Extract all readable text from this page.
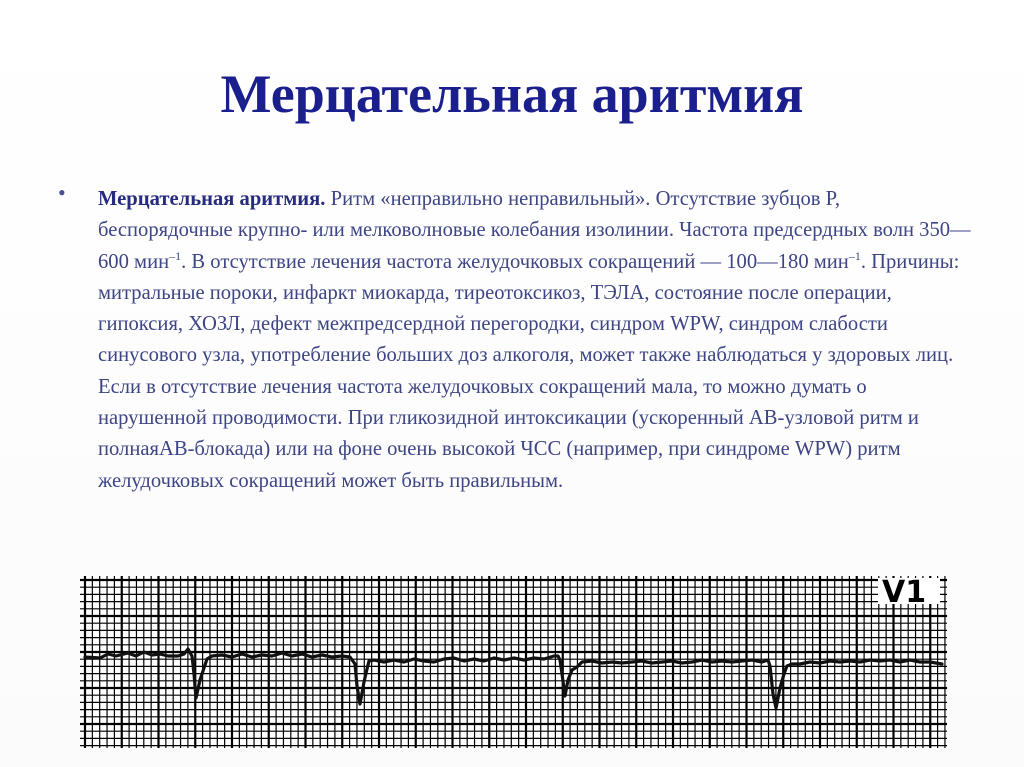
Мерцательная аритмия
• Мерцательная аритмия. Ритм «неправильно неправильный». Отсутствие зубцов P, беспорядочные крупно- или мелковолновые колебания изолинии. Частота предсердных волн 350—600 мин$^{-1}$. В отсутствие лечения частота желудочковых сокращений — 100—180 мин$^{-1}$. Причины: митральные пороки, инфаркт миокарда, тиреотоксикоз, ТЭЛА, состояние после операции, гипоксия, ХОЗЛ, дефект межпредсердной перегородки, синдром WPW, синдром слабости синусового узла, употребление больших доз алкоголя, может также наблюдаться у здоровых лиц. Если в отсутствие лечения частота желудочковых сокращений мала, то можно думать о нарушенной проводимости. При гликозидной интоксикации (ускоренный АВ-узловой ритм и полнаяАВ-блокада) или на фоне очень высокой ЧСС (например, при синдроме WPW) ритм желудочковых сокращений может быть правильным.

V1
